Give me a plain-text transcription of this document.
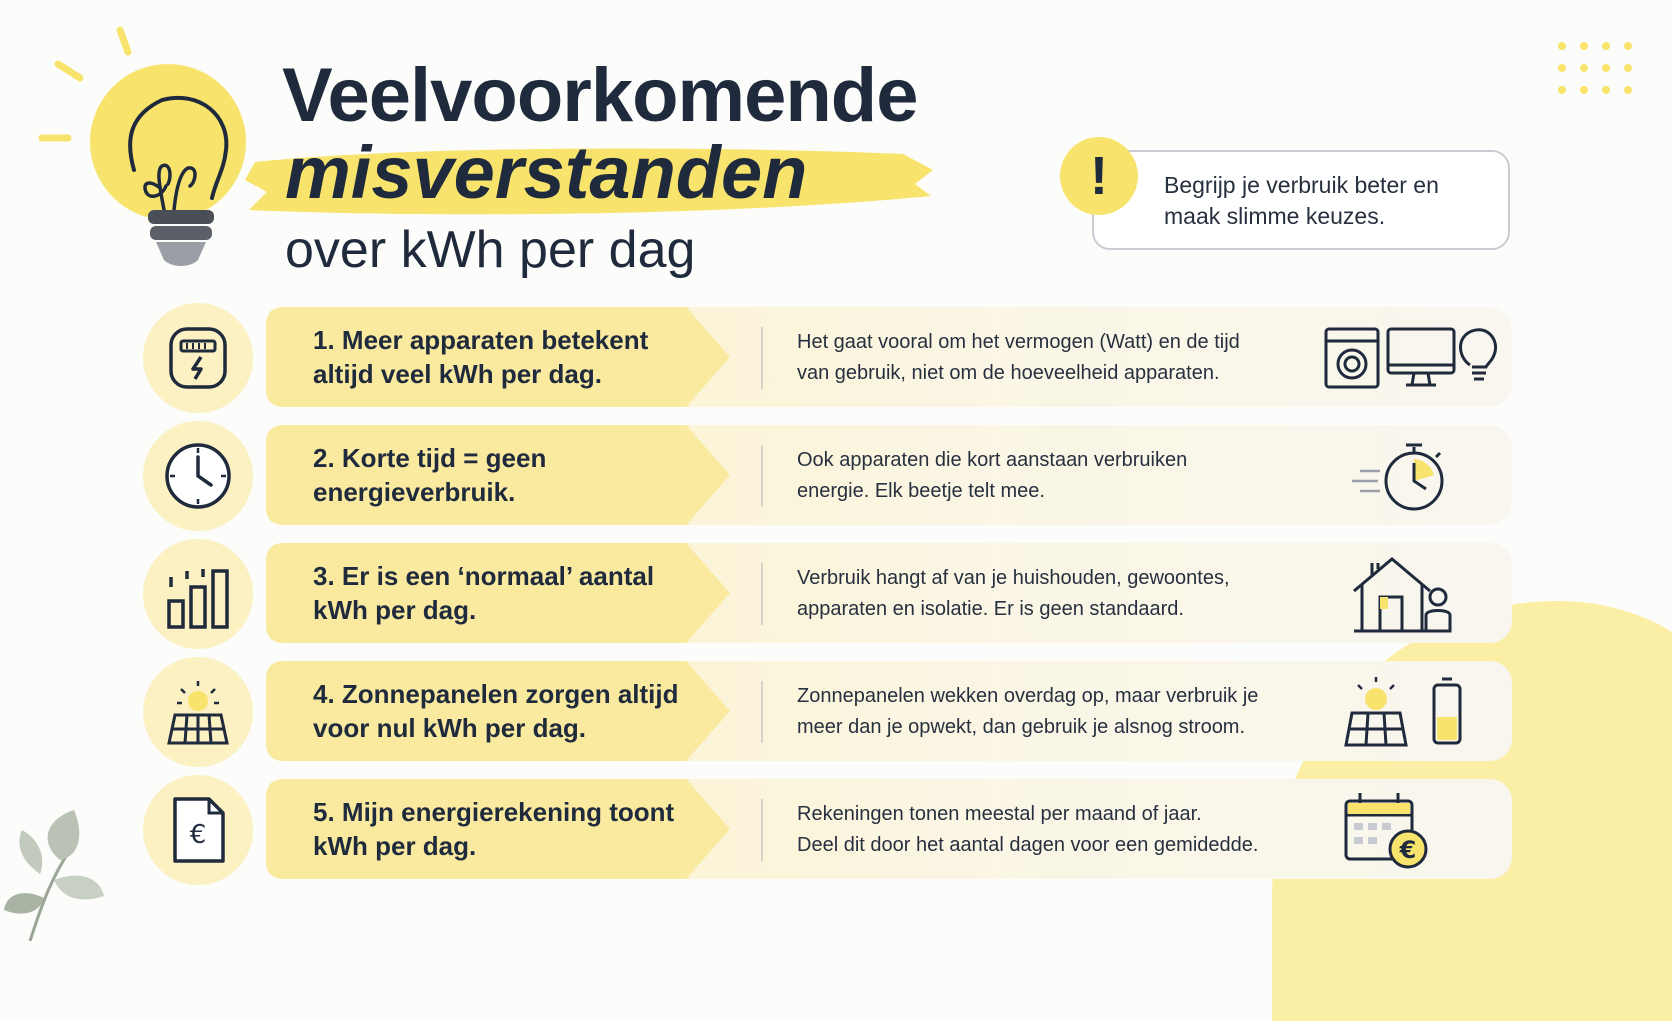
Veelvoorkomende
misverstanden
over kWh per dag
!	Begrijp je verbruik beter en
maak slimme keuzes.
1. Meer apparaten betekent
altijd veel kWh per dag.
Het gaat vooral om het vermogen (Watt) en de tijd
van gebruik, niet om de hoeveelheid apparaten.
2. Korte tijd = geen
energieverbruik.
Ook apparaten die kort aanstaan verbruiken
energie. Elk beetje telt mee.
3. Er is een ‘normaal’ aantal
kWh per dag.
Verbruik hangt af van je huishouden, gewoontes,
apparaten en isolatie. Er is geen standaard.
4. Zonnepanelen zorgen altijd
voor nul kWh per dag.
Zonnepanelen wekken overdag op, maar verbruik je
meer dan je opwekt, dan gebruik je alsnog stroom.
€
5. Mijn energierekening toont
kWh per dag.
Rekeningen tonen meestal per maand of jaar.
Deel dit door het aantal dagen voor een gemidedde.	€
